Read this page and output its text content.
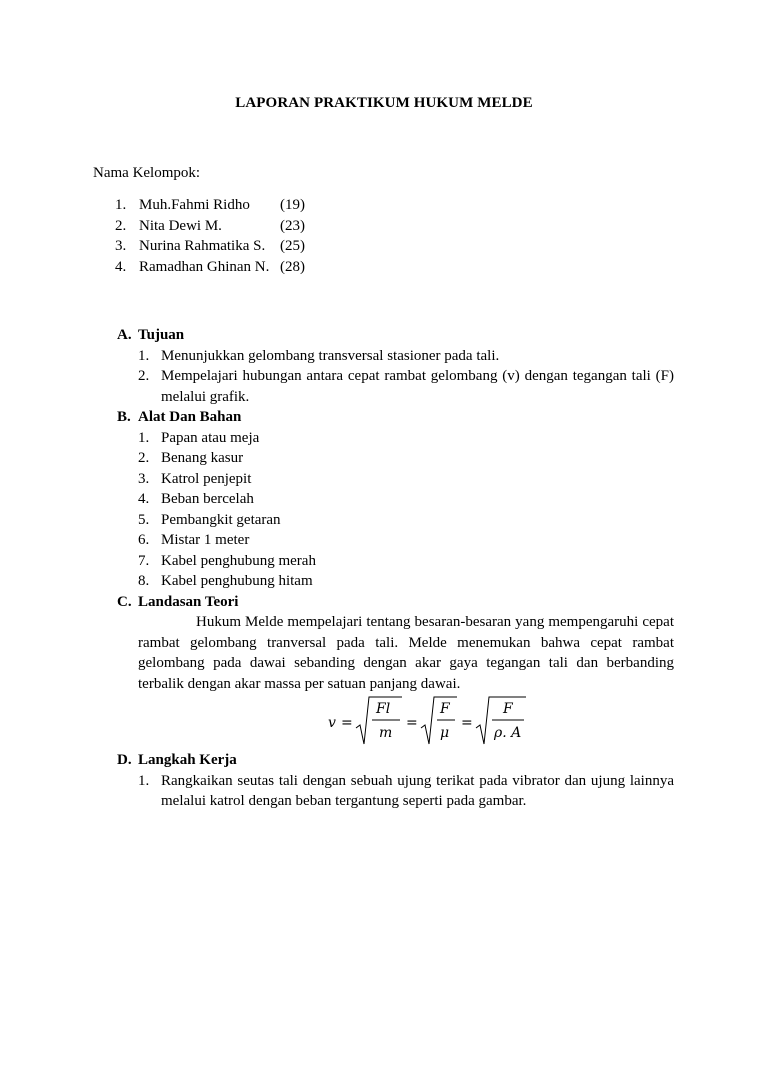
LAPORAN PRAKTIKUM HUKUM MELDE
Nama Kelompok:
1. Muh.Fahmi Ridho	(19)
2. Nita Dewi M.	(23)
3. Nurina Rahmatika S. (25)
4. Ramadhan Ghinan N. (28)
A. Tujuan
1. Menunjukkan gelombang transversal stasioner pada tali.
2. Mempelajari hubungan antara cepat rambat gelombang (v) dengan tegangan tali (F) melalui grafik.
B. Alat Dan Bahan
1. Papan atau meja
2. Benang kasur
3. Katrol penjepit
4. Beban bercelah
5. Pembangkit getaran
6. Mistar 1 meter
7. Kabel penghubung merah
8. Kabel penghubung hitam
C. Landasan Teori
Hukum Melde mempelajari tentang besaran-besaran yang mempengaruhi cepat rambat gelombang tranversal pada tali. Melde menemukan bahwa cepat rambat gelombang pada dawai sebanding dengan akar gaya tegangan tali dan berbanding terbalik dengan akar massa per satuan panjang dawai.
v =
Fl
m
=
F
μ
=
F
ρ. A
D. Langkah Kerja
1. Rangkaikan seutas tali dengan sebuah ujung terikat pada vibrator dan ujung lainnya melalui katrol dengan beban tergantung seperti pada gambar.
